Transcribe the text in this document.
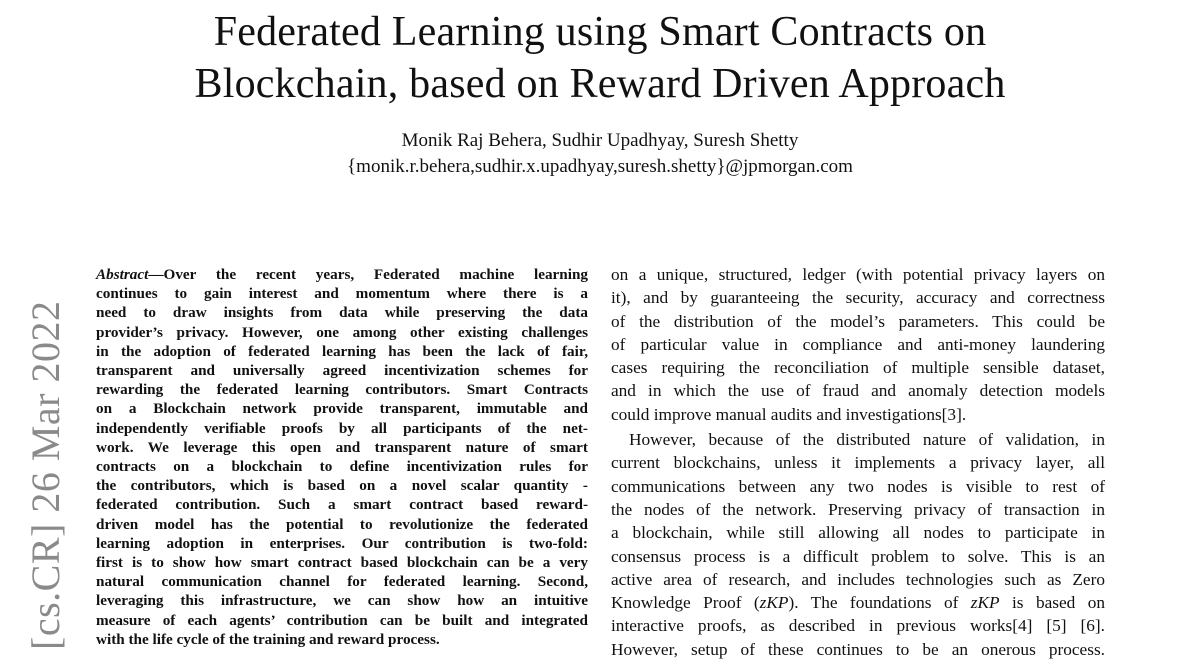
Federated Learning using Smart Contracts on
Blockchain, based on Reward Driven Approach
Monik Raj Behera, Sudhir Upadhyay, Suresh Shetty
{monik.r.behera,sudhir.x.upadhyay,suresh.shetty}@jpmorgan.com
[cs.CR] 26 Mar 2022
Abstract—Over the recent years, Federated machine learning
continues to gain interest and momentum where there is a
need to draw insights from data while preserving the data
provider’s privacy. However, one among other existing challenges
in the adoption of federated learning has been the lack of fair,
transparent and universally agreed incentivization schemes for
rewarding the federated learning contributors. Smart Contracts
on a Blockchain network provide transparent, immutable and
independently verifiable proofs by all participants of the net-
work. We leverage this open and transparent nature of smart
contracts on a blockchain to define incentivization rules for
the contributors, which is based on a novel scalar quantity -
federated contribution. Such a smart contract based reward-
driven model has the potential to revolutionize the federated
learning adoption in enterprises. Our contribution is two-fold:
first is to show how smart contract based blockchain can be a very
natural communication channel for federated learning. Second,
leveraging this infrastructure, we can show how an intuitive
measure of each agents’ contribution can be built and integrated
with the life cycle of the training and reward process.
on a unique, structured, ledger (with potential privacy layers on
it), and by guaranteeing the security, accuracy and correctness
of the distribution of the model’s parameters. This could be
of particular value in compliance and anti-money laundering
cases requiring the reconciliation of multiple sensible dataset,
and in which the use of fraud and anomaly detection models
could improve manual audits and investigations[3].
However, because of the distributed nature of validation, in
current blockchains, unless it implements a privacy layer, all
communications between any two nodes is visible to rest of
the nodes of the network. Preserving privacy of transaction in
a blockchain, while still allowing all nodes to participate in
consensus process is a difficult problem to solve. This is an
active area of research, and includes technologies such as Zero
Knowledge Proof (zKP). The foundations of zKP is based on
interactive proofs, as described in previous works[4] [5] [6].
However, setup of these continues to be an onerous process.
